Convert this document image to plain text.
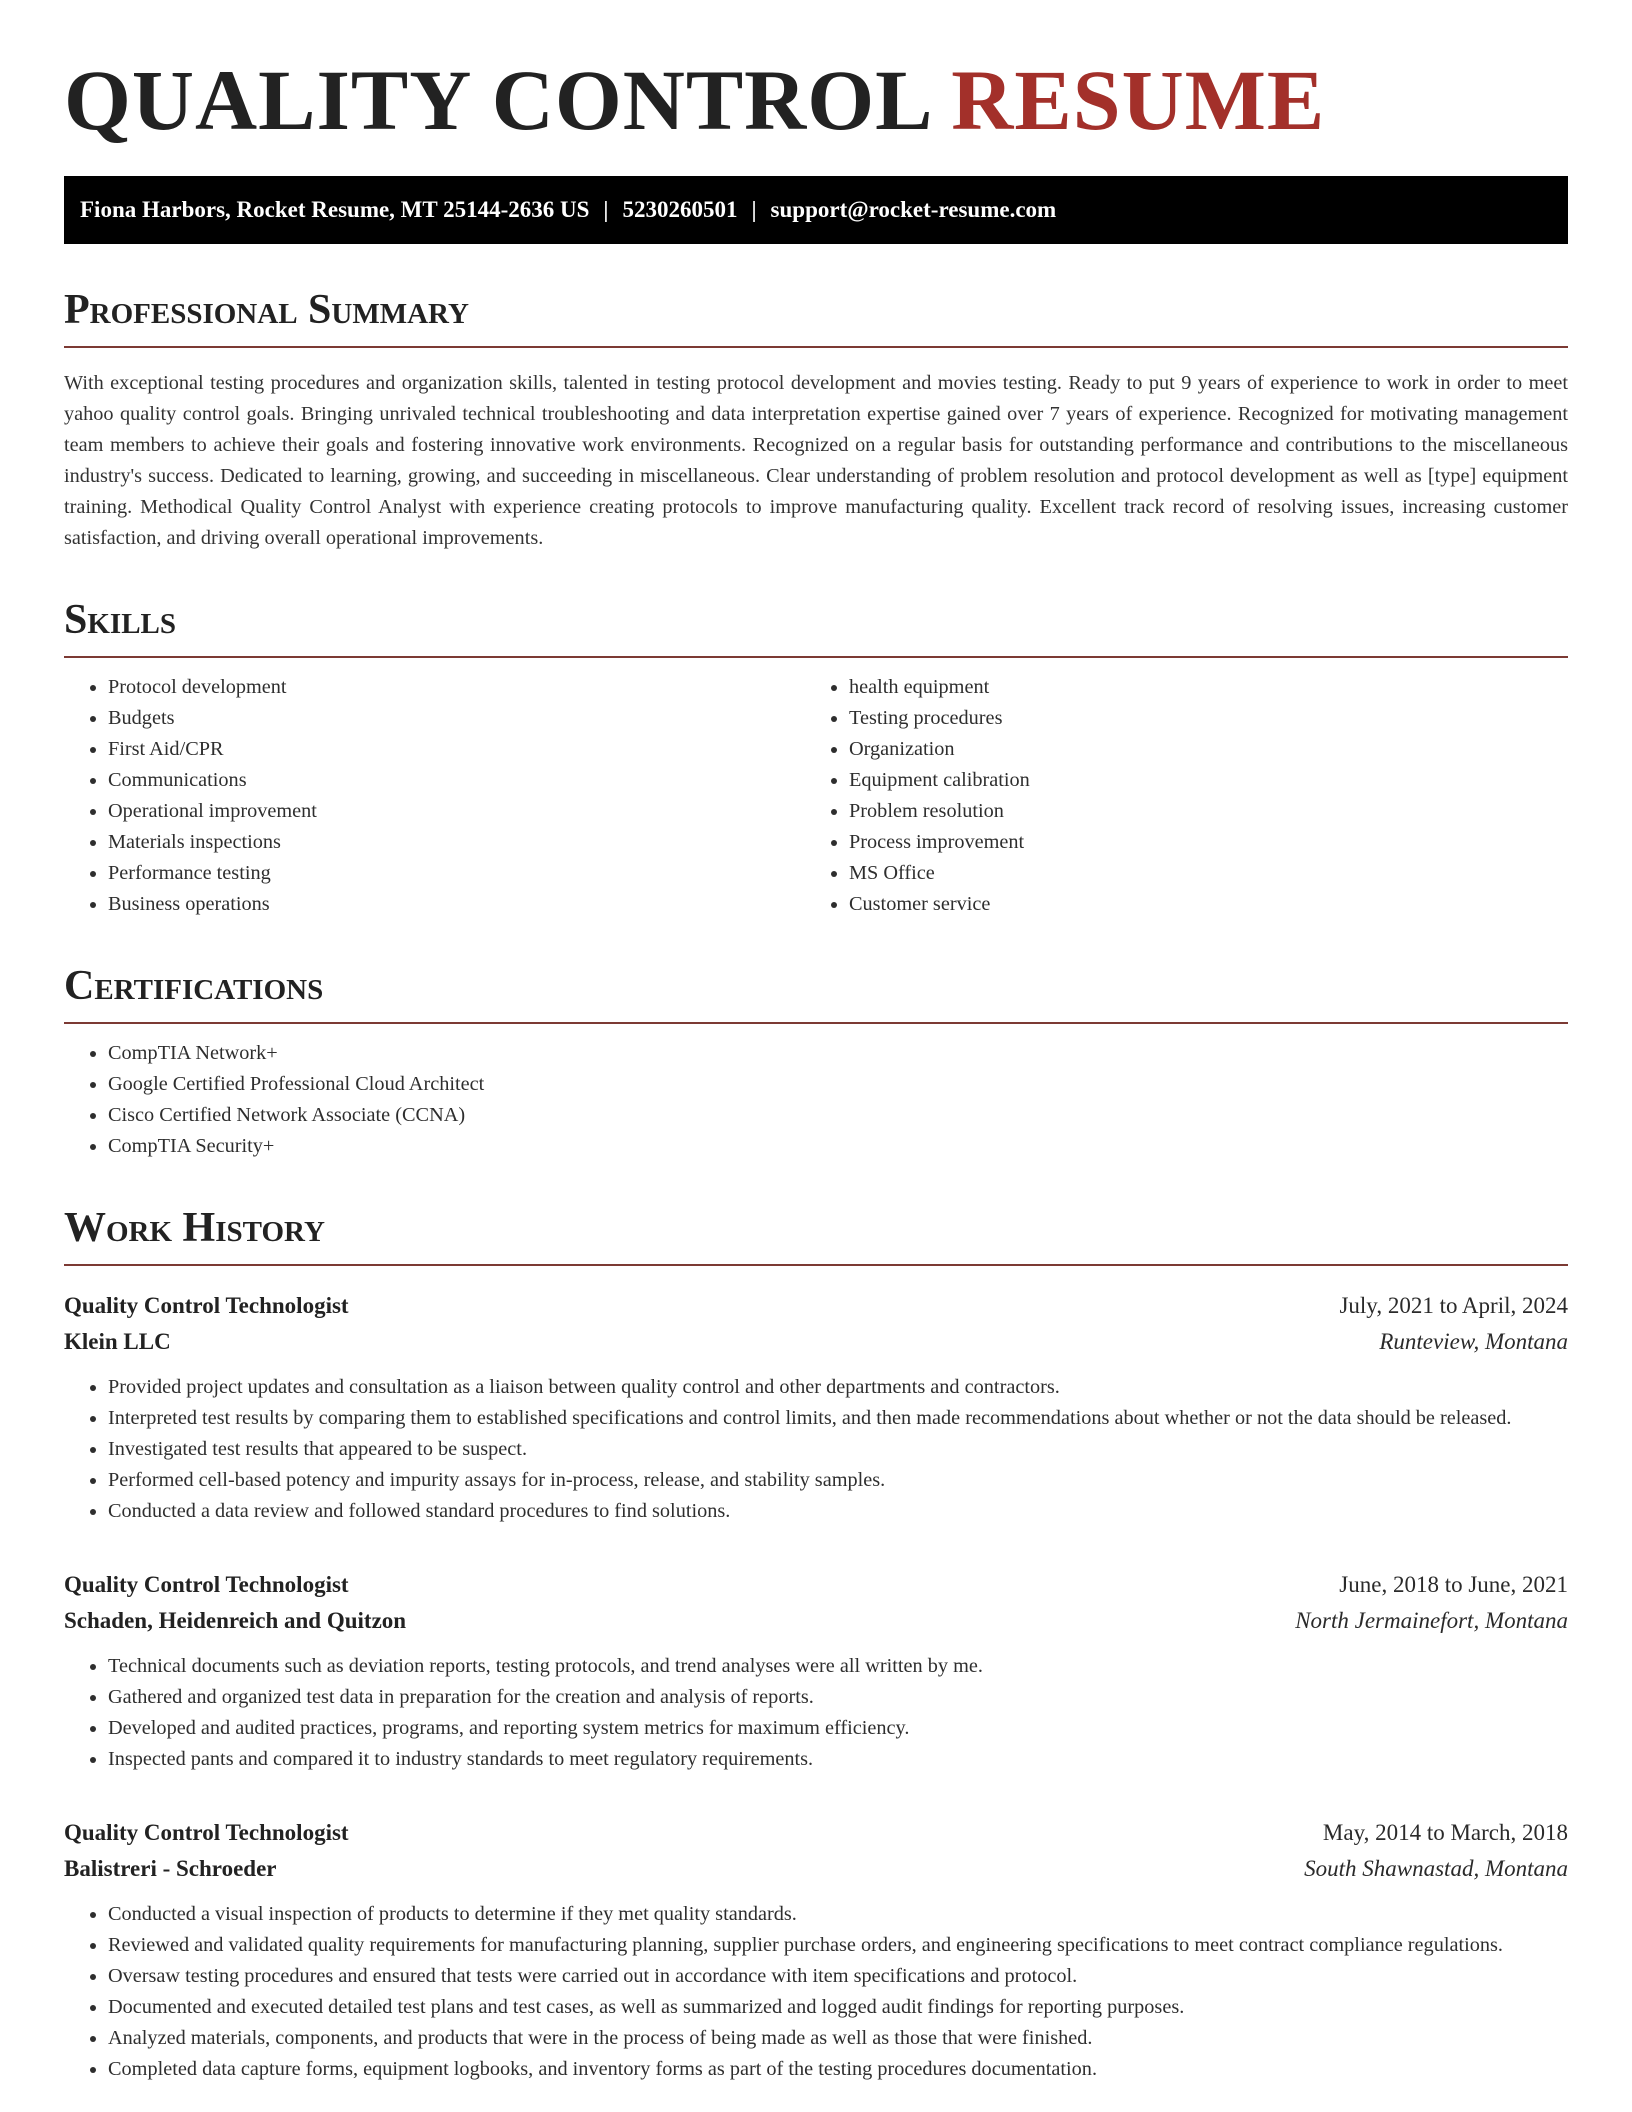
QUALITY CONTROL RESUME
Fiona Harbors, Rocket Resume, MT 25144-2636 US | 5230260501 | support@rocket-resume.com
Professional Summary

With exceptional testing procedures and organization skills, talented in testing protocol development and movies testing. Ready to put 9 years of experience to work in order to meet yahoo quality control goals. Bringing unrivaled technical troubleshooting and data interpretation expertise gained over 7 years of experience. Recognized for motivating management team members to achieve their goals and fostering innovative work environments. Recognized on a regular basis for outstanding performance and contributions to the miscellaneous industry's success. Dedicated to learning, growing, and succeeding in miscellaneous. Clear understanding of problem resolution and protocol development as well as [type] equipment training. Methodical Quality Control Analyst with experience creating protocols to improve manufacturing quality. Excellent track record of resolving issues, increasing customer satisfaction, and driving overall operational improvements.

Skills
• Protocol development
• Budgets
• First Aid/CPR
• Communications
• Operational improvement
• Materials inspections
• Performance testing
• Business operations
• health equipment
• Testing procedures
• Organization
• Equipment calibration
• Problem resolution
• Process improvement
• MS Office
• Customer service
Certifications
• CompTIA Network+
• Google Certified Professional Cloud Architect
• Cisco Certified Network Associate (CCNA)
• CompTIA Security+
Work History
Quality Control Technologist	July, 2021 to April, 2024
Klein LLC	Runteview, Montana
• Provided project updates and consultation as a liaison between quality control and other departments and contractors.
• Interpreted test results by comparing them to established specifications and control limits, and then made recommendations about whether or not the data should be released.
• Investigated test results that appeared to be suspect.
• Performed cell-based potency and impurity assays for in-process, release, and stability samples.
• Conducted a data review and followed standard procedures to find solutions.
Quality Control Technologist	June, 2018 to June, 2021
Schaden, Heidenreich and Quitzon	North Jermainefort, Montana
• Technical documents such as deviation reports, testing protocols, and trend analyses were all written by me.
• Gathered and organized test data in preparation for the creation and analysis of reports.
• Developed and audited practices, programs, and reporting system metrics for maximum efficiency.
• Inspected pants and compared it to industry standards to meet regulatory requirements.
Quality Control Technologist	May, 2014 to March, 2018
Balistreri - Schroeder	South Shawnastad, Montana
• Conducted a visual inspection of products to determine if they met quality standards.
• Reviewed and validated quality requirements for manufacturing planning, supplier purchase orders, and engineering specifications to meet contract compliance regulations.
• Oversaw testing procedures and ensured that tests were carried out in accordance with item specifications and protocol.
• Documented and executed detailed test plans and test cases, as well as summarized and logged audit findings for reporting purposes.
• Analyzed materials, components, and products that were in the process of being made as well as those that were finished.
• Completed data capture forms, equipment logbooks, and inventory forms as part of the testing procedures documentation.
